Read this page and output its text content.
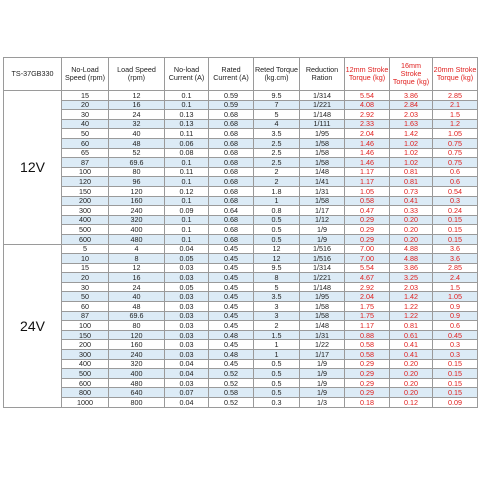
TS-37GB330	No-Load Speed (rpm)	Load Speed (rpm)	No-load Current (A)	Rated Current (A)	Reted Torque (kg.cm)	Reduction Ration	12mm Stroke Torque (kg)	16mm Stroke Torque (kg)	20mm Stroke Torque (kg)
12V	15	12	0.1	0.59	9.5	1/314	5.54	3.86	2.85
	20	16	0.1	0.59	7	1/221	4.08	2.84	2.1
	30	24	0.13	0.68	5	1/148	2.92	2.03	1.5
	40	32	0.13	0.68	4	1/111	2.33	1.63	1.2
	50	40	0.11	0.68	3.5	1/95	2.04	1.42	1.05
	60	48	0.06	0.68	2.5	1/58	1.46	1.02	0.75
	65	52	0.08	0.68	2.5	1/58	1.46	1.02	0.75
	87	69.6	0.1	0.68	2.5	1/58	1.46	1.02	0.75
	100	80	0.11	0.68	2	1/48	1.17	0.81	0.6
	120	96	0.1	0.68	2	1/41	1.17	0.81	0.6
	150	120	0.12	0.68	1.8	1/31	1.05	0.73	0.54
	200	160	0.1	0.68	1	1/58	0.58	0.41	0.3
	300	240	0.09	0.64	0.8	1/17	0.47	0.33	0.24
	400	320	0.1	0.68	0.5	1/12	0.29	0.20	0.15
	500	400	0.1	0.68	0.5	1/9	0.29	0.20	0.15
	600	480	0.1	0.68	0.5	1/9	0.29	0.20	0.15
24V	5	4	0.04	0.45	12	1/516	7.00	4.88	3.6
	10	8	0.05	0.45	12	1/516	7.00	4.88	3.6
	15	12	0.03	0.45	9.5	1/314	5.54	3.86	2.85
	20	16	0.03	0.45	8	1/221	4.67	3.25	2.4
	30	24	0.05	0.45	5	1/148	2.92	2.03	1.5
	50	40	0.03	0.45	3.5	1/95	2.04	1.42	1.05
	60	48	0.03	0.45	3	1/58	1.75	1.22	0.9
	87	69.6	0.03	0.45	3	1/58	1.75	1.22	0.9
	100	80	0.03	0.45	2	1/48	1.17	0.81	0.6
	150	120	0.03	0.48	1.5	1/31	0.88	0.61	0.45
	200	160	0.03	0.45	1	1/22	0.58	0.41	0.3
	300	240	0.03	0.48	1	1/17	0.58	0.41	0.3
	400	320	0.04	0.45	0.5	1/9	0.29	0.20	0.15
	500	400	0.04	0.52	0.5	1/9	0.29	0.20	0.15
	600	480	0.03	0.52	0.5	1/9	0.29	0.20	0.15
	800	640	0.07	0.58	0.5	1/9	0.29	0.20	0.15
	1000	800	0.04	0.52	0.3	1/3	0.18	0.12	0.09
